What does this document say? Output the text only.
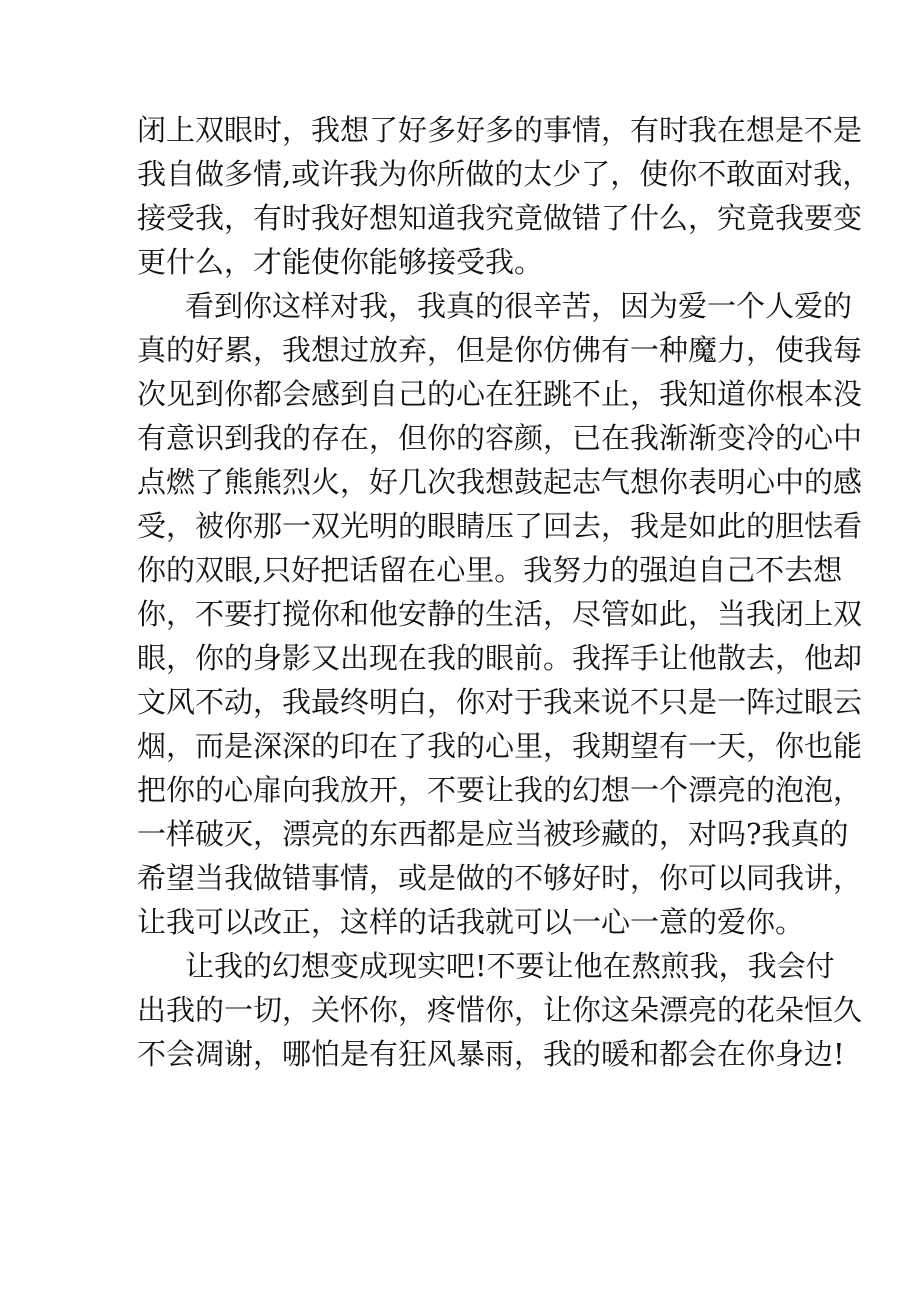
闭上双眼时，我想了好多好多的事情，有时我在想是不是
我自做多情,或许我为你所做的太少了，使你不敢面对我，
接受我，有时我好想知道我究竟做错了什么，究竟我要变
更什么，才能使你能够接受我。
看到你这样对我，我真的很辛苦，因为爱一个人爱的
真的好累，我想过放弃，但是你仿佛有一种魔力，使我每
次见到你都会感到自己的心在狂跳不止，我知道你根本没
有意识到我的存在，但你的容颜，已在我渐渐变冷的心中
点燃了熊熊烈火，好几次我想鼓起志气想你表明心中的感
受，被你那一双光明的眼睛压了回去，我是如此的胆怯看
你的双眼,只好把话留在心里。我努力的强迫自己不去想
你，不要打搅你和他安静的生活，尽管如此，当我闭上双
眼，你的身影又出现在我的眼前。我挥手让他散去，他却
文风不动，我最终明白，你对于我来说不只是一阵过眼云
烟，而是深深的印在了我的心里，我期望有一天，你也能
把你的心扉向我放开，不要让我的幻想一个漂亮的泡泡，
一样破灭，漂亮的东西都是应当被珍藏的，对吗?我真的
希望当我做错事情，或是做的不够好时，你可以同我讲，
让我可以改正，这样的话我就可以一心一意的爱你。
让我的幻想变成现实吧!不要让他在熬煎我，我会付
出我的一切，关怀你，疼惜你，让你这朵漂亮的花朵恒久
不会凋谢，哪怕是有狂风暴雨，我的暖和都会在你身边!
